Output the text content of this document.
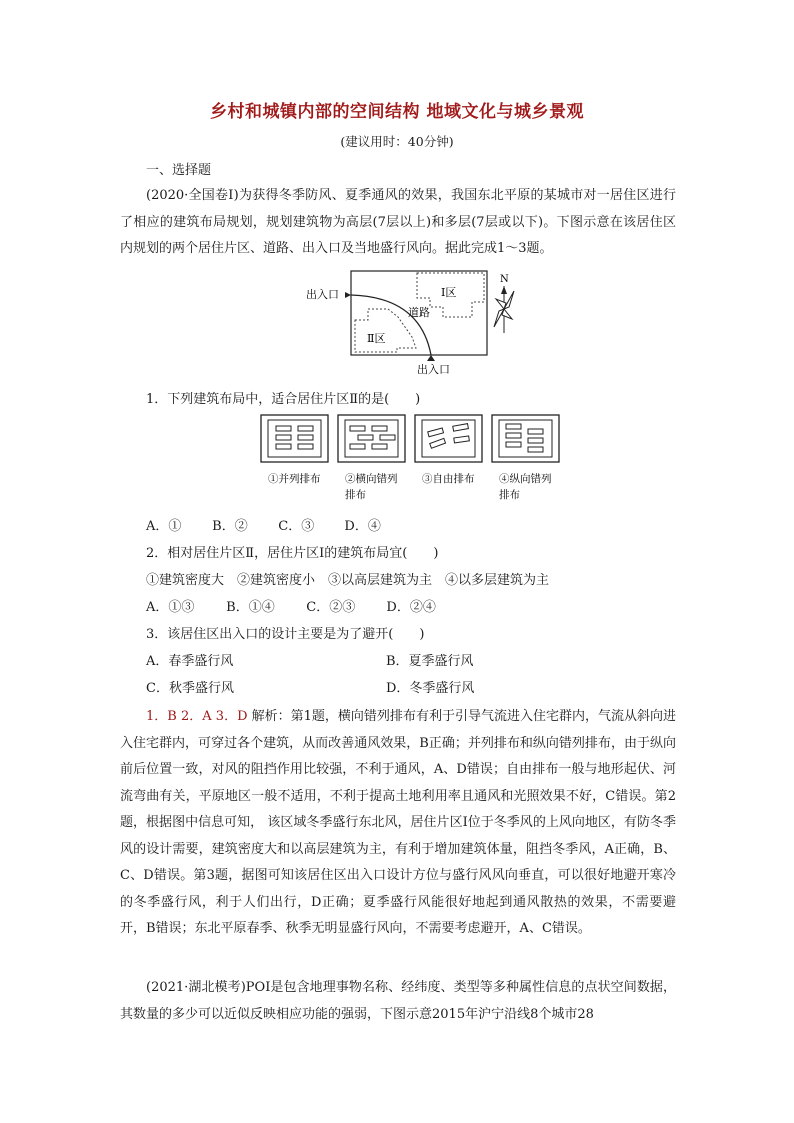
乡村和城镇内部的空间结构 地域文化与城乡景观
(建议用时：40分钟)
一、选择题

(2020·全国卷Ⅰ)为获得冬季防风、夏季通风的效果，我国东北平原的某城市对一居住区进行了相应的建筑布局规划，规划建筑物为高层(7层以上)和多层(7层或以下)。下图示意在该居住区内规划的两个居住片区、道路、出入口及当地盛行风向。据此完成1～3题。

出入口
出入口
Ⅰ区
Ⅱ区
道路
N
1．下列建筑布局中，适合居住片区Ⅱ的是(　　)
①并列排布 ②横向错列
排布
③自由排布 ④纵向错列
排布
A．① B．② C．③ D．④
2．相对居住片区Ⅱ，居住片区Ⅰ的建筑布局宜(　　)
①建筑密度大　②建筑密度小　③以高层建筑为主　④以多层建筑为主
A．①③ B．①④ C．②③ D．②④
3．该居住区出入口的设计主要是为了避开(　　)
A．春季盛行风	B．夏季盛行风
C．秋季盛行风	D．冬季盛行风

1．B 2．A 3．D 解析：第1题，横向错列排布有利于引导气流进入住宅群内，气流从斜向进入住宅群内，可穿过各个建筑，从而改善通风效果，B正确；并列排布和纵向错列排布，由于纵向前后位置一致，对风的阻挡作用比较强，不利于通风，A、D错误；自由排布一般与地形起伏、河流弯曲有关，平原地区一般不适用，不利于提高土地利用率且通风和光照效果不好，C错误。第2题，根据图中信息可知， 该区域冬季盛行东北风，居住片区Ⅰ位于冬季风的上风向地区，有防冬季风的设计需要，建筑密度大和以高层建筑为主，有利于增加建筑体量，阻挡冬季风，A正确，B、C、D错误。第3题，据图可知该居住区出入口设计方位与盛行风风向垂直，可以很好地避开寒冷的冬季盛行风，利于人们出行，D正确；夏季盛行风能很好地起到通风散热的效果，不需要避开，B错误；东北平原春季、秋季无明显盛行风向，不需要考虑避开，A、C错误。

(2021·湖北模考)POI是包含地理事物名称、经纬度、类型等多种属性信息的点状空间数据，其数量的多少可以近似反映相应功能的强弱，下图示意2015年沪宁沿线8个城市28
